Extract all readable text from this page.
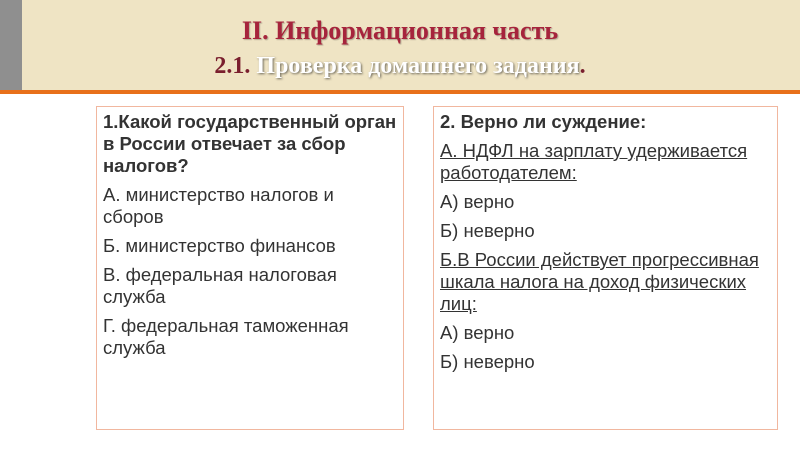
II. Информационная часть
2.1. Проверка домашнего задания.

1.Какой государственный орган в России отвечает за сбор налогов?

А. министерство налогов и сборов

Б. министерство финансов

В. федеральная налоговая служба

Г. федеральная таможенная служба

2. Верно ли суждение:

А. НДФЛ на зарплату удерживается работодателем:

А) верно

Б) неверно

Б.В России действует прогрессивная шкала налога на доход физических лиц:

А) верно

Б) неверно
